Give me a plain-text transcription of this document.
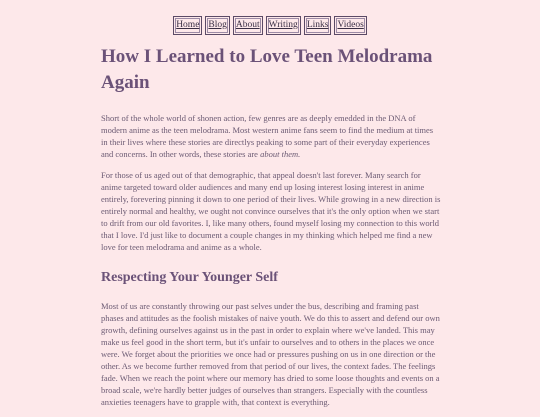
Home Blog About Writing Links Videos
How I Learned to Love Teen Melodrama Again

Short of the whole world of shonen action, few genres are as deeply emedded in the DNA of modern anime as the teen melodrama. Most western anime fans seem to find the medium at times in their lives where these stories are directlys peaking to some part of their everyday experiences and concerns. In other words, these stories are about them.

For those of us aged out of that demographic, that appeal doesn't last forever. Many search for anime targeted toward older audiences and many end up losing interest losing interest in anime entirely, forevering pinning it down to one period of their lives. While growing in a new direction is entirely normal and healthy, we ought not convince ourselves that it's the only option when we start to drift from our old favorites. I, like many others, found myself losing my connection to this world that I love. I'd just like to document a couple changes in my thinking which helped me find a new love for teen melodrama and anime as a whole.

Respecting Your Younger Self

Most of us are constantly throwing our past selves under the bus, describing and framing past phases and attitudes as the foolish mistakes of naive youth. We do this to assert and defend our own growth, defining ourselves against us in the past in order to explain where we've landed. This may make us feel good in the short term, but it's unfair to ourselves and to others in the places we once were. We forget about the priorities we once had or pressures pushing on us in one direction or the other. As we become further removed from that period of our lives, the context fades. The feelings fade. When we reach the point where our memory has dried to some loose thoughts and events on a broad scale, we're hardly better judges of ourselves than strangers. Especially with the countless anxieties teenagers have to grapple with, that context is everything.
